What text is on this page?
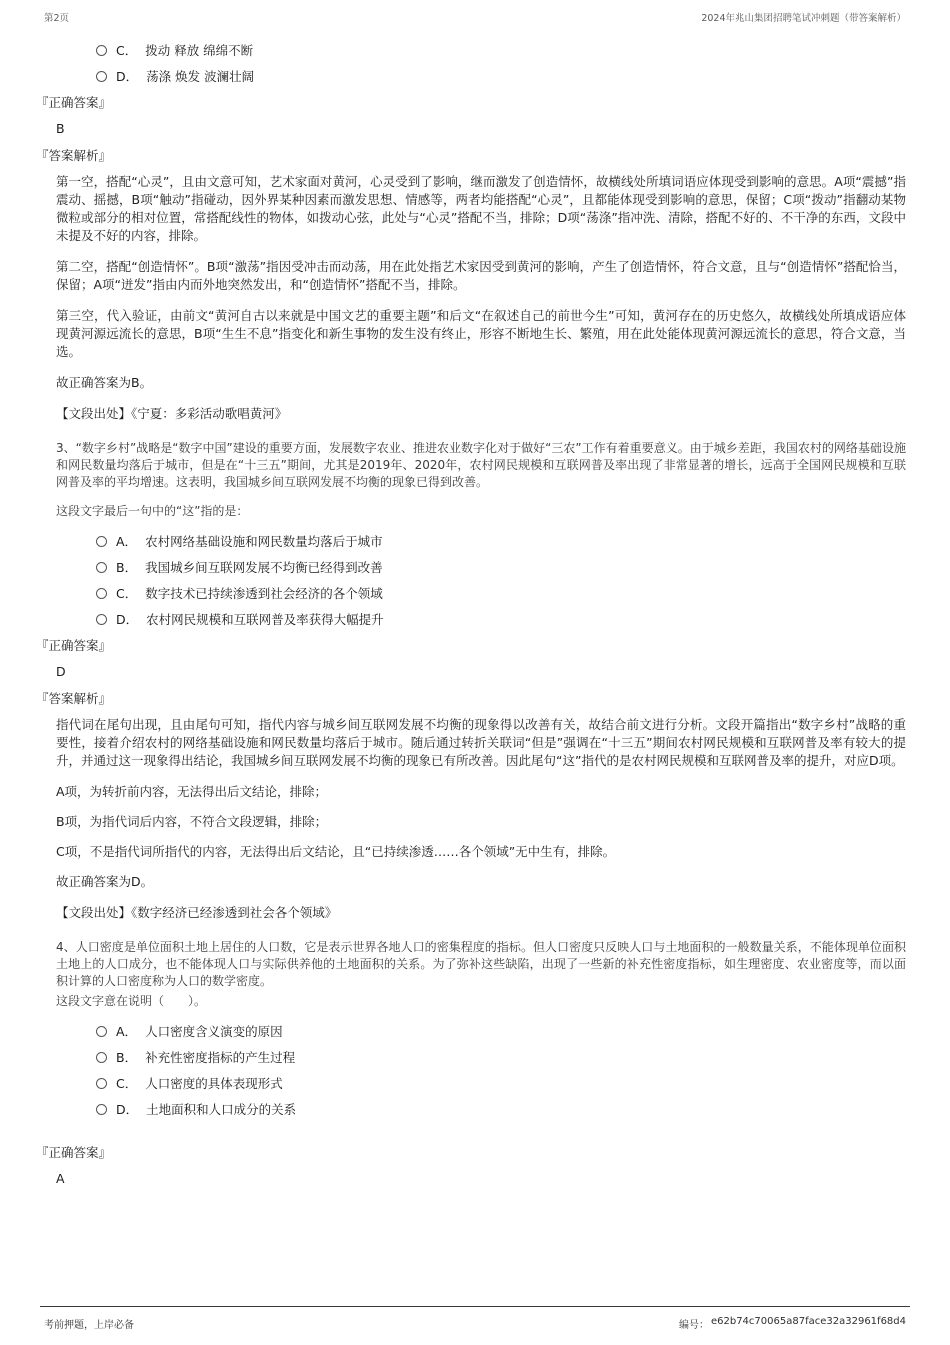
第2页	2024年兆山集团招聘笔试冲刺题（带答案解析）
C． 拨动 释放 绵绵不断
D． 荡涤 焕发 波澜壮阔
『正确答案』
B
『答案解析』

第一空，搭配“心灵”，且由文意可知，艺术家面对黄河，心灵受到了影响，继而激发了创造情怀，故横线处所填词语应体现受到影响的意思。A项“震撼”指震动、摇撼，B项“触动”指碰动，因外界某种因素而激发思想、情感等，两者均能搭配“心灵”，且都能体现受到影响的意思，保留；C项“拨动”指翻动某物微粒或部分的相对位置，常搭配线性的物体，如拨动心弦，此处与“心灵”搭配不当，排除；D项“荡涤”指冲洗、清除，搭配不好的、不干净的东西，文段中未提及不好的内容，排除。

第二空，搭配“创造情怀”。B项“激荡”指因受冲击而动荡，用在此处指艺术家因受到黄河的影响，产生了创造情怀，符合文意，且与“创造情怀”搭配恰当，保留；A项“迸发”指由内而外地突然发出，和“创造情怀”搭配不当，排除。

第三空，代入验证，由前文“黄河自古以来就是中国文艺的重要主题”和后文“在叙述自己的前世今生”可知，黄河存在的历史悠久，故横线处所填成语应体现黄河源远流长的意思，B项“生生不息”指变化和新生事物的发生没有终止，形容不断地生长、繁殖，用在此处能体现黄河源远流长的意思，符合文意，当选。

故正确答案为B。
【文段出处】《宁夏：多彩活动歌唱黄河》

3、“数字乡村”战略是“数字中国”建设的重要方面，发展数字农业、推进农业数字化对于做好“三农”工作有着重要意义。由于城乡差距，我国农村的网络基础设施和网民数量均落后于城市，但是在“十三五”期间，尤其是2019年、2020年，农村网民规模和互联网普及率出现了非常显著的增长，远高于全国网民规模和互联网普及率的平均增速。这表明，我国城乡间互联网发展不均衡的现象已得到改善。

这段文字最后一句中的“这”指的是：
A． 农村网络基础设施和网民数量均落后于城市
B． 我国城乡间互联网发展不均衡已经得到改善
C． 数字技术已持续渗透到社会经济的各个领域
D． 农村网民规模和互联网普及率获得大幅提升
『正确答案』
D
『答案解析』

指代词在尾句出现，且由尾句可知，指代内容与城乡间互联网发展不均衡的现象得以改善有关，故结合前文进行分析。文段开篇指出“数字乡村”战略的重要性，接着介绍农村的网络基础设施和网民数量均落后于城市。随后通过转折关联词“但是”强调在“十三五”期间农村网民规模和互联网普及率有较大的提升，并通过这一现象得出结论，我国城乡间互联网发展不均衡的现象已有所改善。因此尾句“这”指代的是农村网民规模和互联网普及率的提升，对应D项。

A项，为转折前内容，无法得出后文结论，排除；

B项，为指代词后内容，不符合文段逻辑，排除；

C项，不是指代词所指代的内容，无法得出后文结论，且“已持续渗透……各个领域”无中生有，排除。

故正确答案为D。
【文段出处】《数字经济已经渗透到社会各个领域》

4、人口密度是单位面积土地上居住的人口数，它是表示世界各地人口的密集程度的指标。但人口密度只反映人口与土地面积的一般数量关系，不能体现单位面积土地上的人口成分，也不能体现人口与实际供养他的土地面积的关系。为了弥补这些缺陷，出现了一些新的补充性密度指标，如生理密度、农业密度等，而以面积计算的人口密度称为人口的数学密度。

这段文字意在说明（　　）。
A． 人口密度含义演变的原因
B． 补充性密度指标的产生过程
C． 人口密度的具体表现形式
D． 土地面积和人口成分的关系
『正确答案』
A
考前押题，上岸必备	编号： e62b74c70065a87face32a32961f68d4
